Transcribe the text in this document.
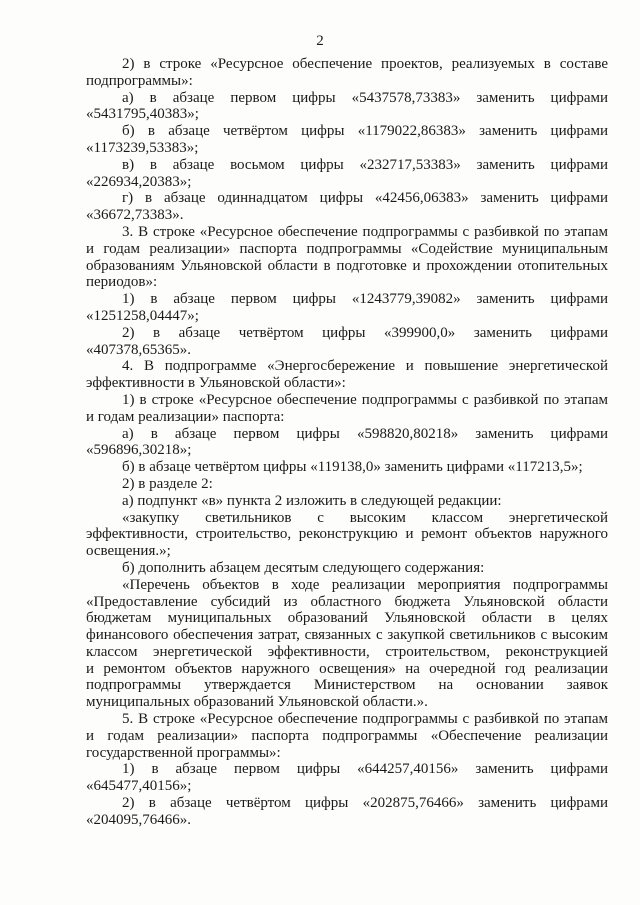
2

2) в строке «Ресурсное обеспечение проектов, реализуемых в составе

подпрограммы»:

а) в абзаце первом цифры «5437578,73383» заменить цифрами

«5431795,40383»;

б) в абзаце четвёртом цифры «1179022,86383» заменить цифрами

«1173239,53383»;

в) в абзаце восьмом цифры «232717,53383» заменить цифрами

«226934,20383»;

г) в абзаце одиннадцатом цифры «42456,06383» заменить цифрами

«36672,73383».

3. В строке «Ресурсное обеспечение подпрограммы с разбивкой по этапам

и годам реализации» паспорта подпрограммы «Содействие муниципальным

образованиям Ульяновской области в подготовке и прохождении отопительных

периодов»:

1) в абзаце первом цифры «1243779,39082» заменить цифрами

«1251258,04447»;

2) в абзаце четвёртом цифры «399900,0» заменить цифрами

«407378,65365».

4. В подпрограмме «Энергосбережение и повышение энергетической

эффективности в Ульяновской области»:

1) в строке «Ресурсное обеспечение подпрограммы с разбивкой по этапам

и годам реализации» паспорта:

а) в абзаце первом цифры «598820,80218» заменить цифрами

«596896,30218»;

б) в абзаце четвёртом цифры «119138,0» заменить цифрами «117213,5»;

2) в разделе 2:

а) подпункт «в» пункта 2 изложить в следующей редакции:

«закупку светильников с высоким классом энергетической

эффективности, строительство, реконструкцию и ремонт объектов наружного

освещения.»;

б) дополнить абзацем десятым следующего содержания:

«Перечень объектов в ходе реализации мероприятия подпрограммы

«Предоставление субсидий из областного бюджета Ульяновской области

бюджетам муниципальных образований Ульяновской области в целях

финансового обеспечения затрат, связанных с закупкой светильников с высоким

классом энергетической эффективности, строительством, реконструкцией

и ремонтом объектов наружного освещения» на очередной год реализации

подпрограммы утверждается Министерством на основании заявок

муниципальных образований Ульяновской области.».

5. В строке «Ресурсное обеспечение подпрограммы с разбивкой по этапам

и годам реализации» паспорта подпрограммы «Обеспечение реализации

государственной программы»:

1) в абзаце первом цифры «644257,40156» заменить цифрами

«645477,40156»;

2) в абзаце четвёртом цифры «202875,76466» заменить цифрами

«204095,76466».
